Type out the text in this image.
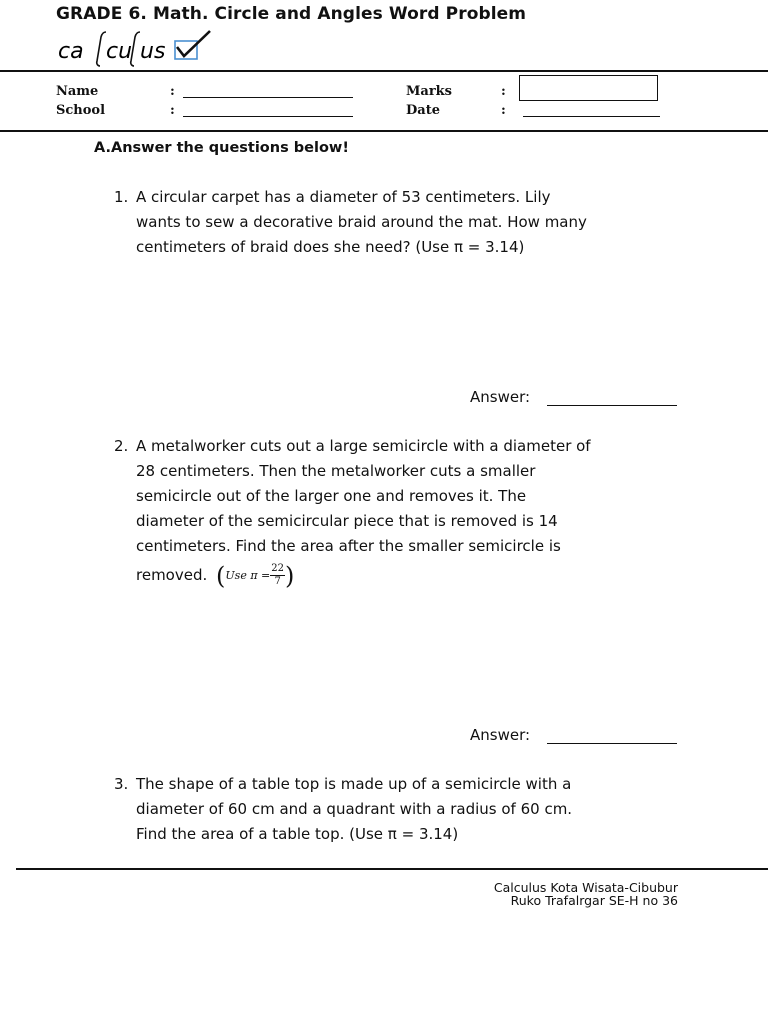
GRADE 6. Math. Circle and Angles Word Problem
ca cu us
Name	:
School	:
Marks	:
Date	:
A.Answer the questions below!
1. A circular carpet has a diameter of 53 centimeters. Lily
wants to sew a decorative braid around the mat. How many
centimeters of braid does she need? (Use π = 3.14)
Answer:
2. A metalworker cuts out a large semicircle with a diameter of
28 centimeters. Then the metalworker cuts a smaller
semicircle out of the larger one and removes it. The
diameter of the semicircular piece that is removed is 14
centimeters. Find the area after the smaller semicircle is
removed. (Use $\pi = \frac{22}{7}$ )
Answer:
3. The shape of a table top is made up of a semicircle with a
diameter of 60 cm and a quadrant with a radius of 60 cm.
Find the area of a table top. (Use π = 3.14)
Calculus Kota Wisata-Cibubur
Ruko Trafalrgar SE-H no 36
